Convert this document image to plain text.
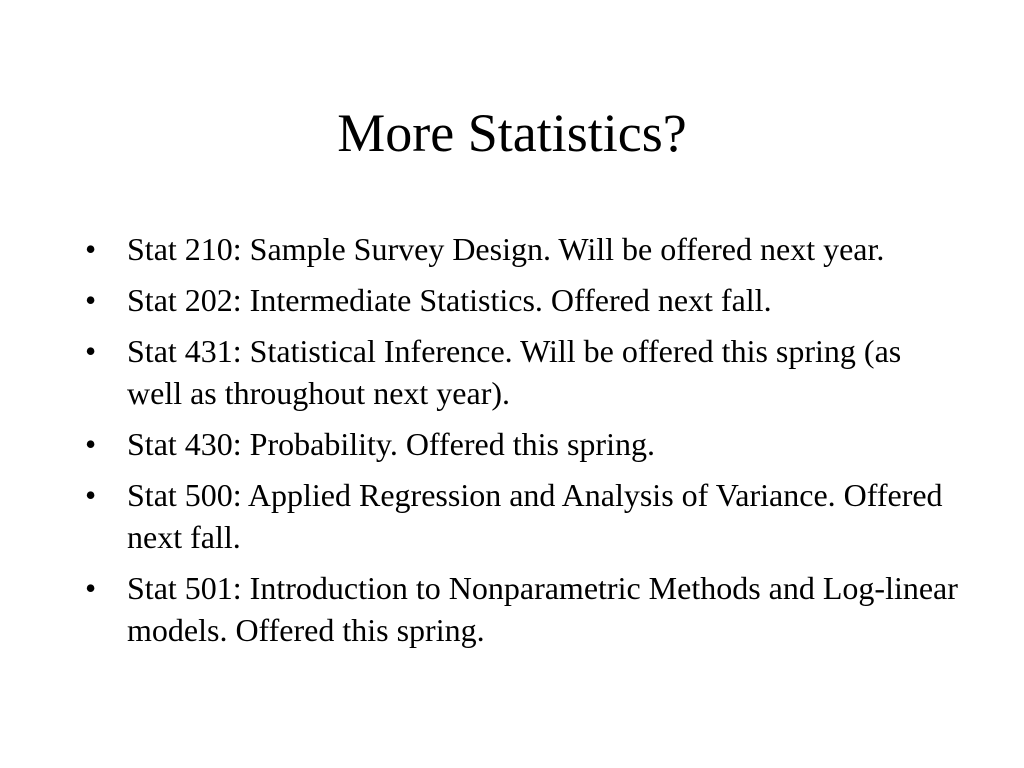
More Statistics?
• Stat 210: Sample Survey Design. Will be offered next year.
• Stat 202: Intermediate Statistics. Offered next fall.
• Stat 431: Statistical Inference. Will be offered this spring (as well as throughout next year).
• Stat 430: Probability. Offered this spring.
• Stat 500: Applied Regression and Analysis of Variance. Offered next fall.
• Stat 501: Introduction to Nonparametric Methods and Log-linear models. Offered this spring.
